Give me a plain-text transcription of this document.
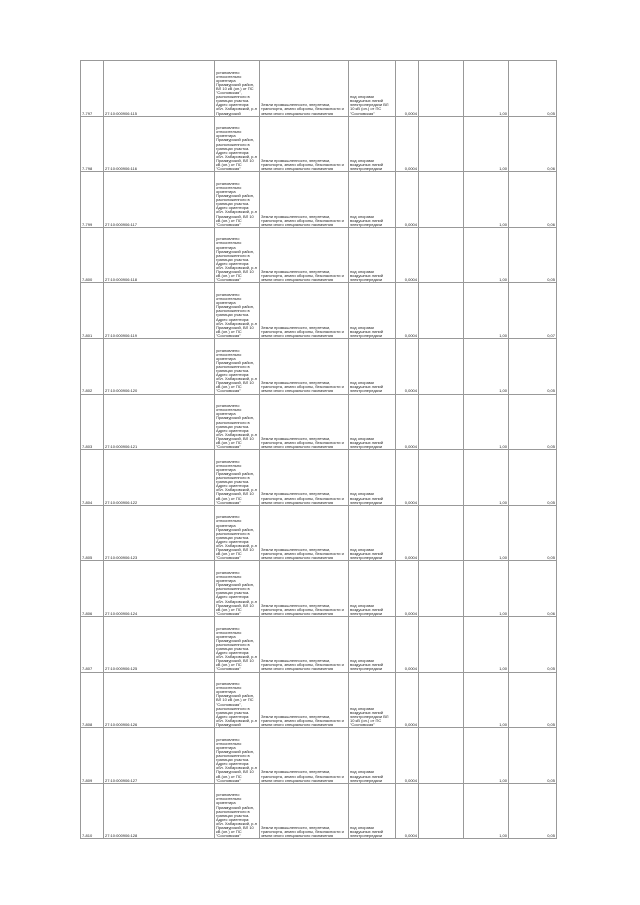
7-797	27:10:000906:115	установлено относительно ориентира Приамурский район, ВЛ 10 кВ (оп.) от ПС "Сосновская", расположенного в границах участка. Адрес ориентира: обл. Хабаровский, р-н Приамурский	Земли промышленности, энергетики, транспорта, земли обороны, безопасности и земли иного специального назначения	под опорами воздушных линий электропередачи ВЛ 10 кВ (оп.) от ПС "Сосновская"	0,0004		1,00	0,05
7-798	27:10:000906:116	установлено относительно ориентира Приамурский район, расположенного в границах участка. Адрес ориентира: обл. Хабаровский, р-н Приамурский, ВЛ 10 кВ (оп.) от ПС "Сосновская"	Земли промышленности, энергетики, транспорта, земли обороны, безопасности и земли иного специального назначения	под опорами воздушных линий электропередачи	0,0004		1,00	0,06
7-799	27:10:000906:117	установлено относительно ориентира Приамурский район, расположенного в границах участка. Адрес ориентира: обл. Хабаровский, р-н Приамурский, ВЛ 10 кВ (оп.) от ПС "Сосновская"	Земли промышленности, энергетики, транспорта, земли обороны, безопасности и земли иного специального назначения	под опорами воздушных линий электропередачи	0,0004		1,00	0,06
7-800	27:10:000906:118	установлено относительно ориентира Приамурский район, расположенного в границах участка. Адрес ориентира: обл. Хабаровский, р-н Приамурский, ВЛ 10 кВ (оп.) от ПС "Сосновская"	Земли промышленности, энергетики, транспорта, земли обороны, безопасности и земли иного специального назначения	под опорами воздушных линий электропередачи	0,0004		1,00	0,05
7-801	27:10:000906:119	установлено относительно ориентира Приамурский район, расположенного в границах участка. Адрес ориентира: обл. Хабаровский, р-н Приамурский, ВЛ 10 кВ (оп.) от ПС "Сосновская"	Земли промышленности, энергетики, транспорта, земли обороны, безопасности и земли иного специального назначения	под опорами воздушных линий электропередачи	0,0004		1,00	0,07
7-802	27:10:000906:120	установлено относительно ориентира Приамурский район, расположенного в границах участка. Адрес ориентира: обл. Хабаровский, р-н Приамурский, ВЛ 10 кВ (оп.) от ПС "Сосновская"	Земли промышленности, энергетики, транспорта, земли обороны, безопасности и земли иного специального назначения	под опорами воздушных линий электропередачи	0,0004		1,00	0,05
7-803	27:10:000906:121	установлено относительно ориентира Приамурский район, расположенного в границах участка. Адрес ориентира: обл. Хабаровский, р-н Приамурский, ВЛ 10 кВ (оп.) от ПС "Сосновская"	Земли промышленности, энергетики, транспорта, земли обороны, безопасности и земли иного специального назначения	под опорами воздушных линий электропередачи	0,0004		1,00	0,05
7-804	27:10:000906:122	установлено относительно ориентира Приамурский район, расположенного в границах участка. Адрес ориентира: обл. Хабаровский, р-н Приамурский, ВЛ 10 кВ (оп.) от ПС "Сосновская"	Земли промышленности, энергетики, транспорта, земли обороны, безопасности и земли иного специального назначения	под опорами воздушных линий электропередачи	0,0004		1,00	0,05
7-805	27:10:000906:123	установлено относительно ориентира Приамурский район, расположенного в границах участка. Адрес ориентира: обл. Хабаровский, р-н Приамурский, ВЛ 10 кВ (оп.) от ПС "Сосновская"	Земли промышленности, энергетики, транспорта, земли обороны, безопасности и земли иного специального назначения	под опорами воздушных линий электропередачи	0,0004		1,00	0,05
7-806	27:10:000906:124	установлено относительно ориентира Приамурский район, расположенного в границах участка. Адрес ориентира: обл. Хабаровский, р-н Приамурский, ВЛ 10 кВ (оп.) от ПС "Сосновская"	Земли промышленности, энергетики, транспорта, земли обороны, безопасности и земли иного специального назначения	под опорами воздушных линий электропередачи	0,0004		1,00	0,06
7-807	27:10:000906:125	установлено относительно ориентира Приамурский район, расположенного в границах участка. Адрес ориентира: обл. Хабаровский, р-н Приамурский, ВЛ 10 кВ (оп.) от ПС "Сосновская"	Земли промышленности, энергетики, транспорта, земли обороны, безопасности и земли иного специального назначения	под опорами воздушных линий электропередачи	0,0004		1,00	0,05
7-808	27:10:000906:126	установлено относительно ориентира Приамурский район, ВЛ 10 кВ (оп.) от ПС "Сосновская", расположенного в границах участка. Адрес ориентира: обл. Хабаровский, р-н Приамурский	Земли промышленности, энергетики, транспорта, земли обороны, безопасности и земли иного специального назначения	под опорами воздушных линий электропередачи ВЛ 10 кВ (оп.) от ПС "Сосновская"	0,0004		1,00	0,05
7-809	27:10:000906:127	установлено относительно ориентира Приамурский район, расположенного в границах участка. Адрес ориентира: обл. Хабаровский, р-н Приамурский, ВЛ 10 кВ (оп.) от ПС "Сосновская"	Земли промышленности, энергетики, транспорта, земли обороны, безопасности и земли иного специального назначения	под опорами воздушных линий электропередачи	0,0004		1,00	0,05
7-810	27:10:000906:128	установлено относительно ориентира Приамурский район, расположенного в границах участка. Адрес ориентира: обл. Хабаровский, р-н Приамурский, ВЛ 10 кВ (оп.) от ПС "Сосновская"	Земли промышленности, энергетики, транспорта, земли обороны, безопасности и земли иного специального назначения	под опорами воздушных линий электропередачи	0,0004		1,00	0,05
